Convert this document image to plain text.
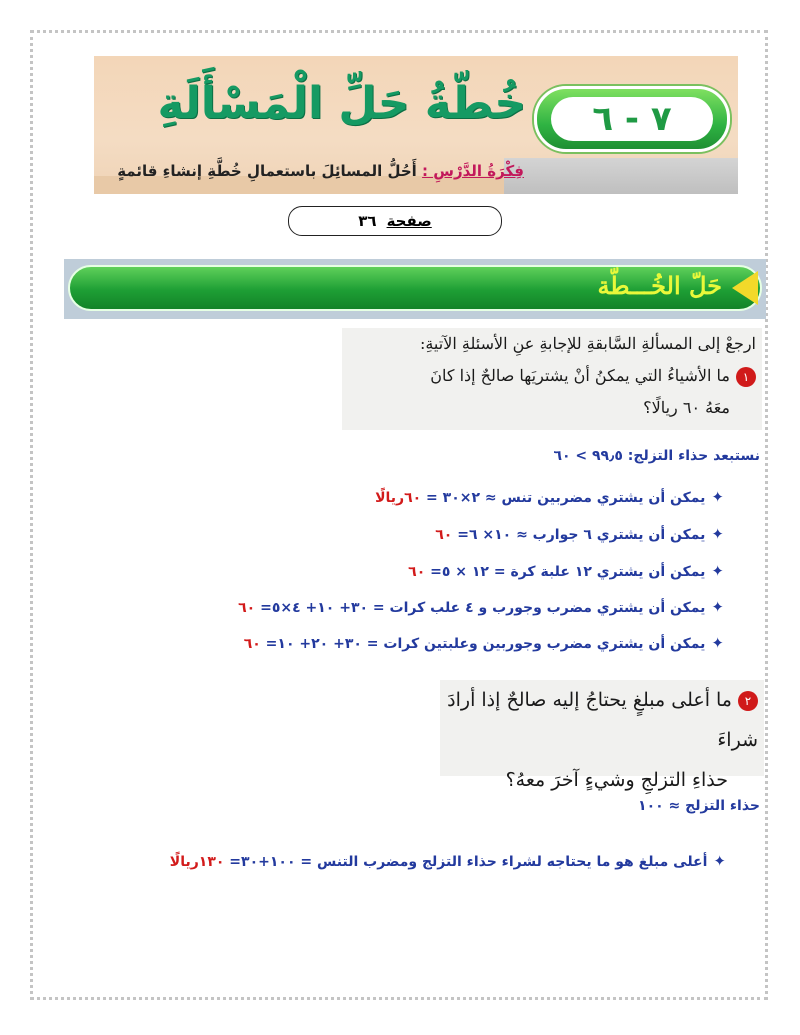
خُطّةُ حَلِّ الْمَسْأَلَةِ	٧ - ٦
فِكْرَةُ الدَّرْسِ : أَحُلُّ المسائِلَ باستعمالِ خُطَّةِ إنشاءِ قائمةٍ
صفحة
٣٦
حَلّ الخُـــطّة
ارجعْ إلى المسألةِ السَّابقةِ للإجابةِ عنِ الأسئلةِ الآتيةِ:
١ما الأشياءُ التي يمكنُ أنْ يشتريَها صالحٌ إذا كانَ
معَهُ ٦٠ ريالًا؟
نستبعد حذاء التزلج: ٩٩٫٥ > ٦٠
✦يمكن أن يشتري مضربين تنس ≈ ٢×٣٠ = ٦٠ريالًا
✦يمكن أن يشتري ٦ جوارب ≈ ١٠× ٦= ٦٠
✦يمكن أن يشتري ١٢ علبة كرة = ١٢ × ٥= ٦٠
✦يمكن أن يشتري مضرب وجورب و ٤ علب كرات = ٣٠+ ١٠+ ٤×٥= ٦٠
✦يمكن أن يشتري مضرب وجوربين وعلبتين كرات = ٣٠+ ٢٠+ ١٠= ٦٠
٢ما أعلى مبلغٍ يحتاجُ إليه صالحٌ إذا أرادَ شراءَ
حذاءِ التزلجِ وشيءٍ آخرَ معهُ؟
حذاء التزلج ≈ ١٠٠
✦أعلى مبلغ هو ما يحتاجه لشراء حذاء التزلج ومضرب التنس = ١٠٠+٣٠= ١٣٠ريالًا
